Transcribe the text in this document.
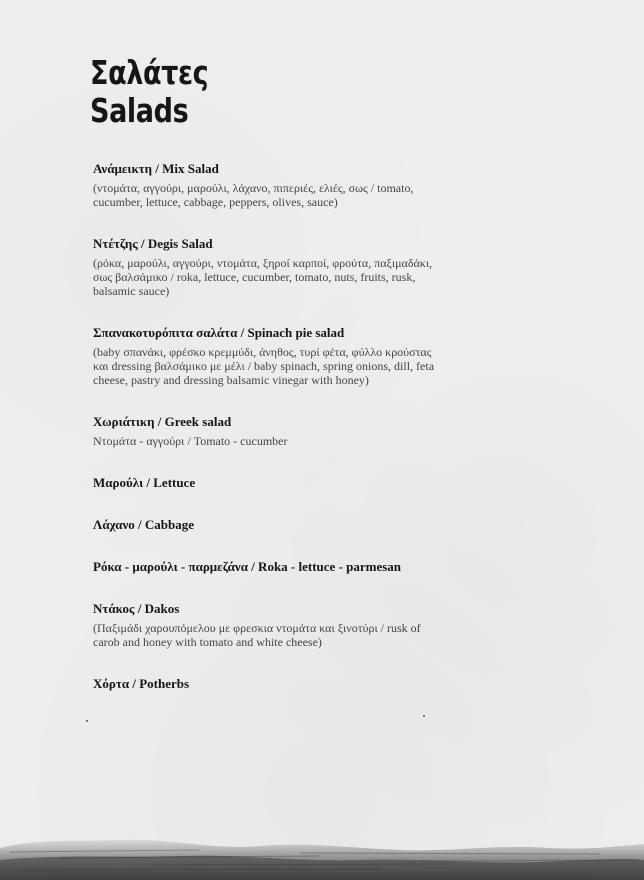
Σαλάτες
Salads
Ανάμεικτη / Mix Salad
(ντομάτα, αγγούρι, μαρούλι, λάχανο, πιπεριές, ελιές, σως / tomato, cucumber, lettuce, cabbage, peppers, olives, sauce)
Ντέτζης / Degis Salad
(ρόκα, μαρούλι, αγγούρι, ντομάτα, ξηροί καρποί, φρούτα, παξιμαδάκι, σως βαλσάμικο / roka, lettuce, cucumber, tomato, nuts, fruits, rusk, balsamic sauce)
Σπανακοτυρόπιτα σαλάτα / Spinach pie salad
(baby σπανάκι, φρέσκο κρεμμύδι, άνηθος, τυρί φέτα, φύλλο κρούστας και dressing βαλσάμικο με μέλι / baby spinach, spring onions, dill, feta cheese, pastry and dressing balsamic vinegar with honey)
Χωριάτικη / Greek salad
Ντομάτα - αγγούρι / Tomato - cucumber
Μαρούλι / Lettuce
Λάχανο / Cabbage
Ρόκα - μαρούλι - παρμεζάνα / Roka - lettuce - parmesan
Ντάκος / Dakos
(Παξιμάδι χαρουπόμελου με φρεσκια ντομάτα και ξινοτύρι / rusk of carob and honey with tomato and white cheese)
Χόρτα / Potherbs
